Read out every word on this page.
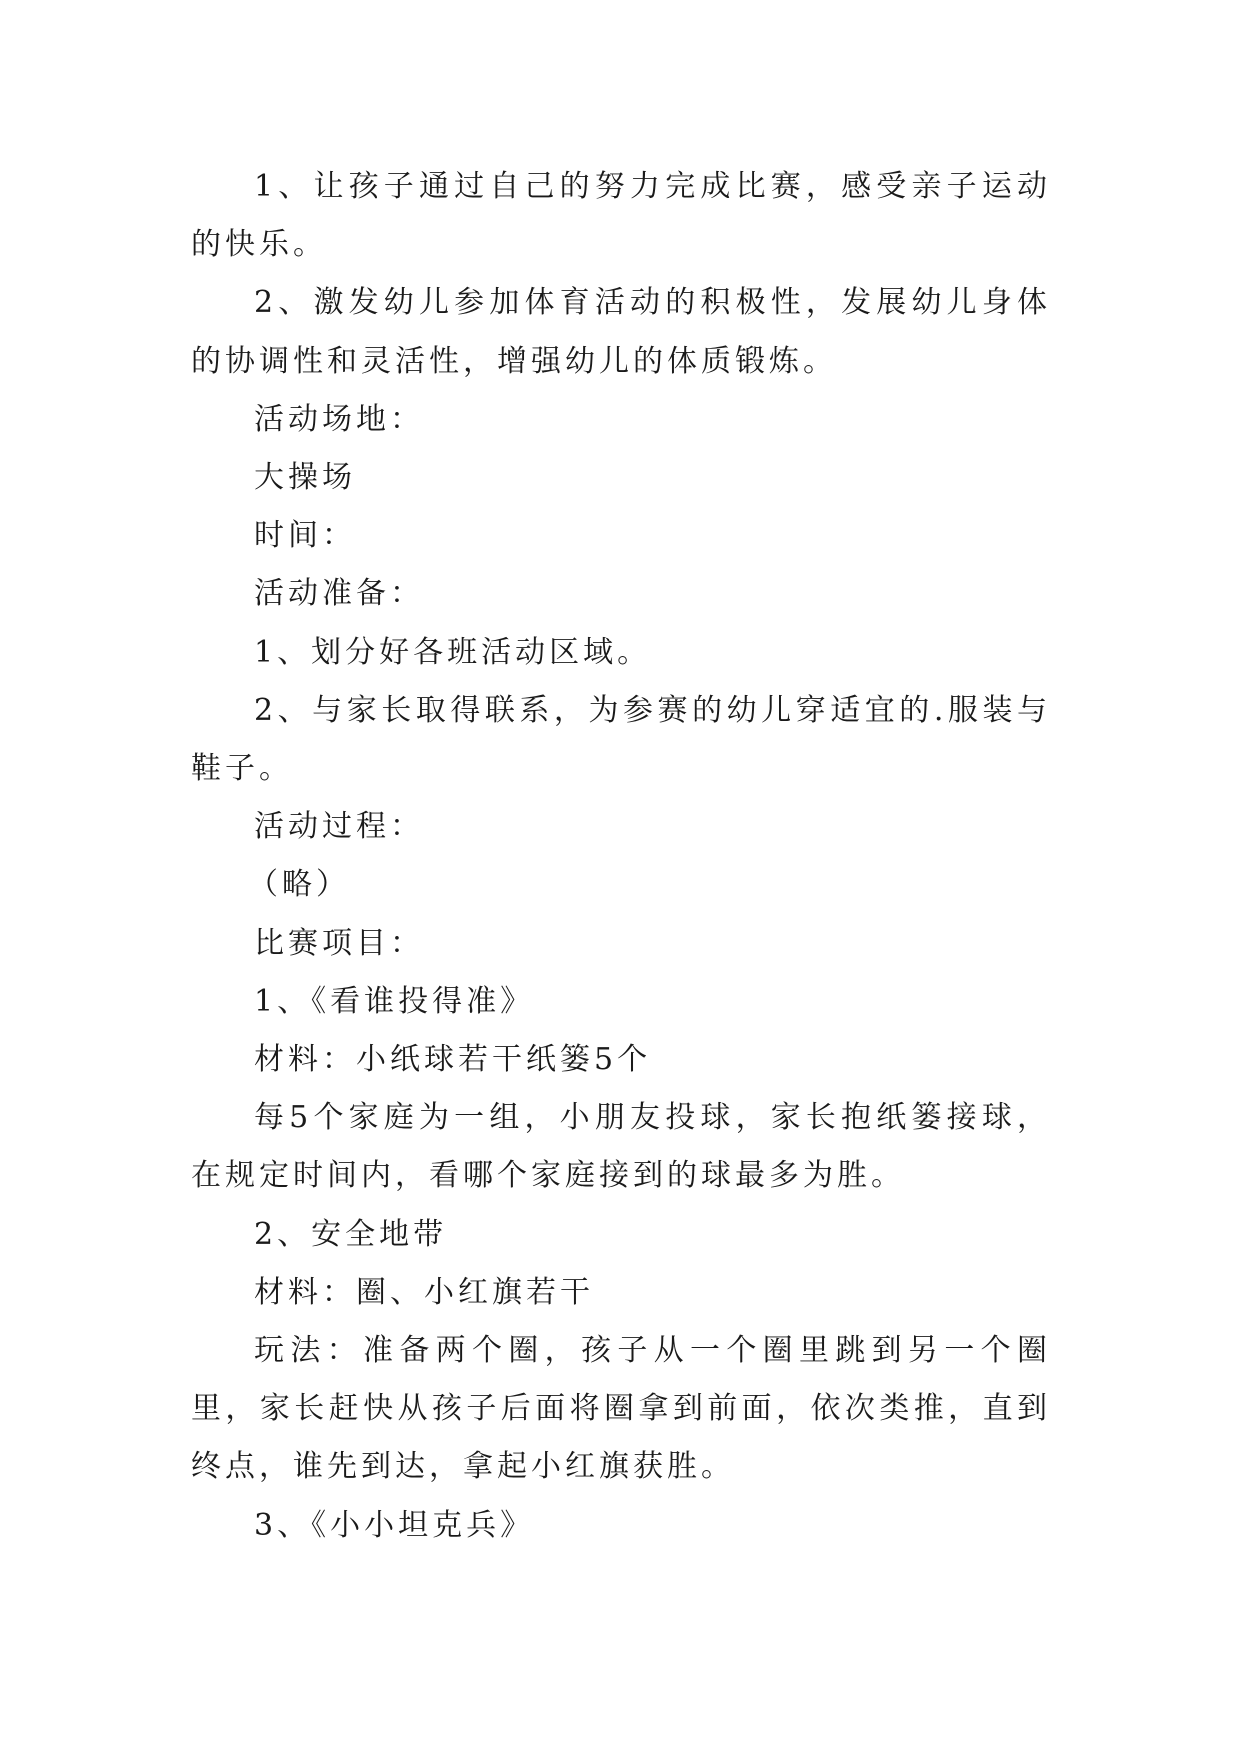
1、让孩子通过自己的努力完成比赛，感受亲子运动的快乐。

2、激发幼儿参加体育活动的积极性，发展幼儿身体的协调性和灵活性，增强幼儿的体质锻炼。

活动场地：

大操场

时间：

活动准备：

1、划分好各班活动区域。

2、与家长取得联系，为参赛的幼儿穿适宜的.服装与鞋子。

活动过程：

（略）

比赛项目：

1、《看谁投得准》

材料：小纸球若干纸篓5个

每5个家庭为一组，小朋友投球，家长抱纸篓接球，在规定时间内，看哪个家庭接到的球最多为胜。

2、安全地带

材料：圈、小红旗若干

玩法：准备两个圈，孩子从一个圈里跳到另一个圈里，家长赶快从孩子后面将圈拿到前面，依次类推，直到终点，谁先到达，拿起小红旗获胜。

3、《小小坦克兵》
